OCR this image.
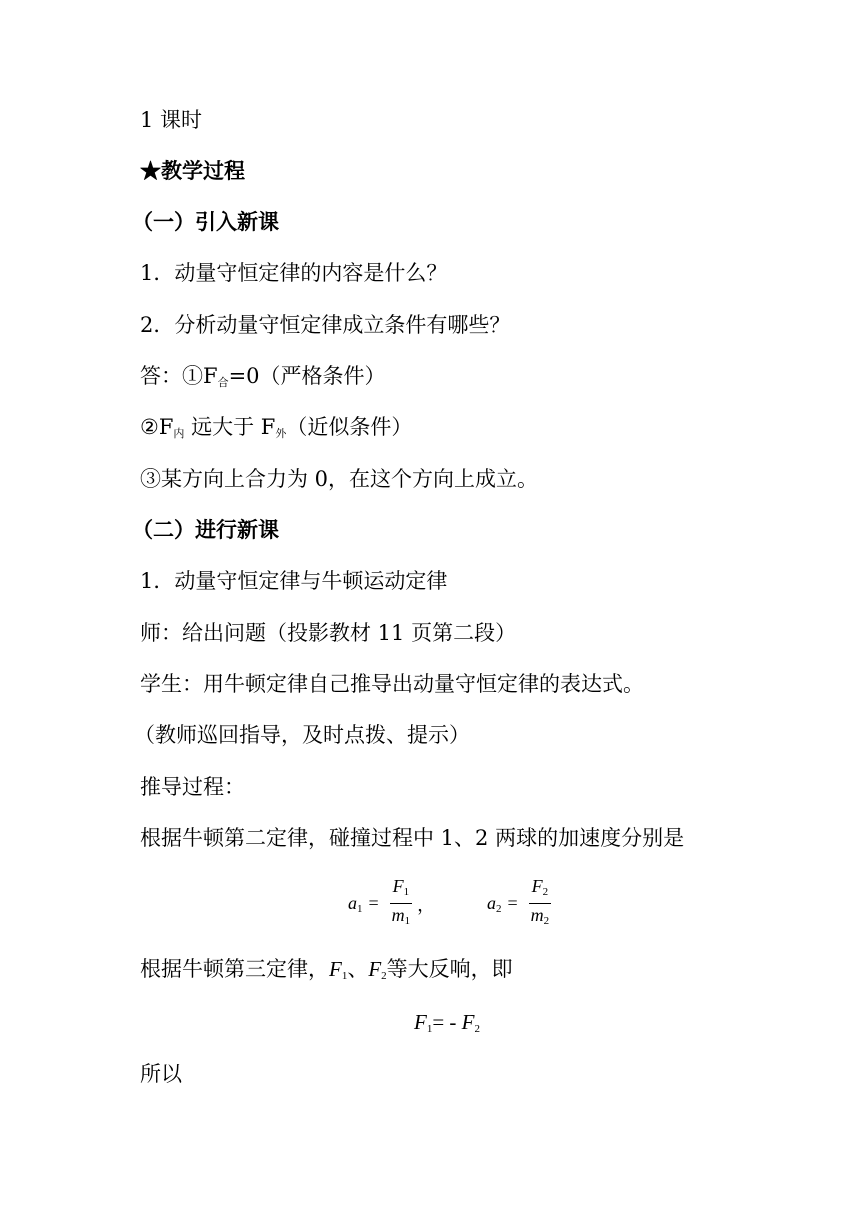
1 课时
★教学过程
（一）引入新课
1．动量守恒定律的内容是什么？
2．分析动量守恒定律成立条件有哪些？
答：$①F_合=0$（严格条件）
$②F_内$ 远大于 $F_外$（近似条件）
③某方向上合力为 0，在这个方向上成立。
（二）进行新课
1．动量守恒定律与牛顿运动定律
师：给出问题（投影教材 11 页第二段）
学生：用牛顿定律自己推导出动量守恒定律的表达式。
（教师巡回指导，及时点拨、提示）
推导过程：
根据牛顿第二定律，碰撞过程中 1、2 两球的加速度分别是
$a_1 = \frac{F_1}{m_1}$ ，	$a_2 = \frac{F_2}{m_2}$
根据牛顿第三定律，$F_1$、$F_2$等大反响，即
$F_1= - F_2$
所以
